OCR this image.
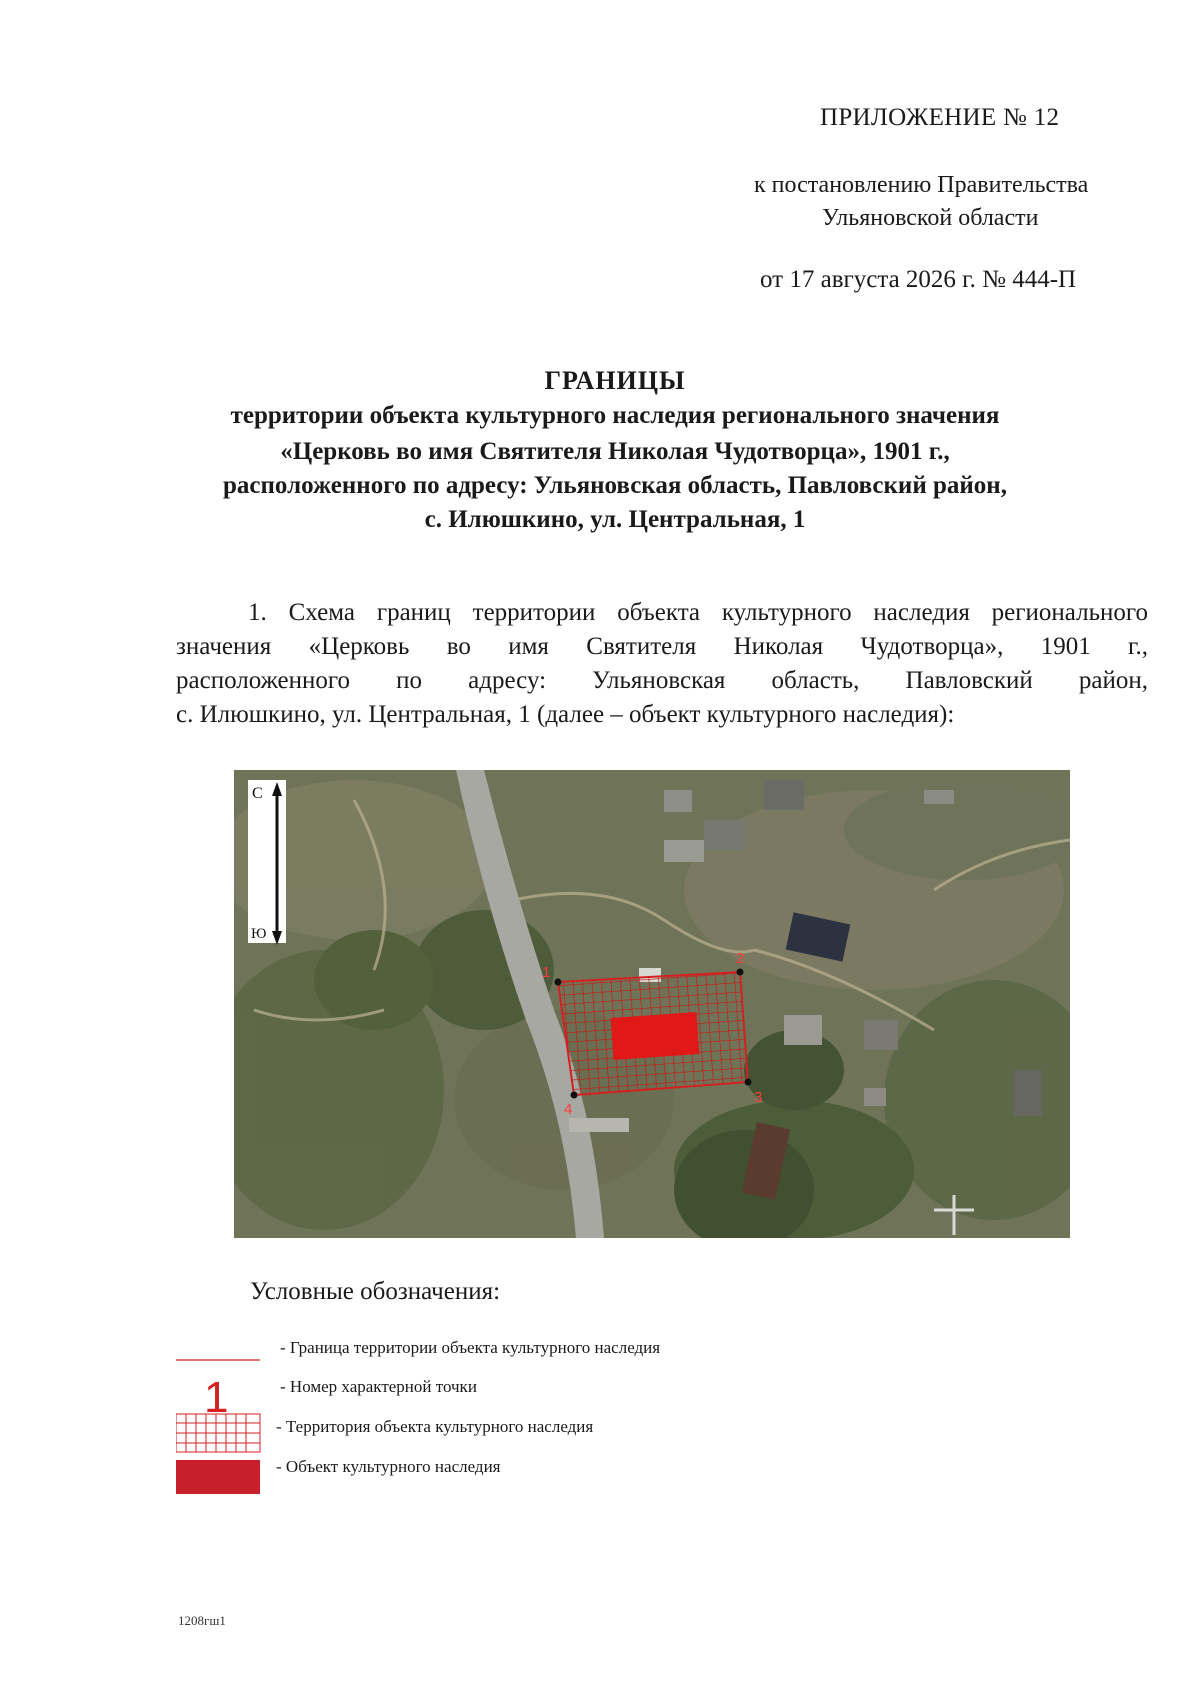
ПРИЛОЖЕНИЕ № 12
к постановлению Правительства
Ульяновской области
от 17 августа 2026 г. № 444-П
ГРАНИЦЫ
территории объекта культурного наследия регионального значения
«Церковь во имя Святителя Николая Чудотворца», 1901 г.,
расположенного по адресу: Ульяновская область, Павловский район,
с. Илюшкино, ул. Центральная, 1
1. Схема границ территории объекта культурного наследия регионального
значения «Церковь во имя Святителя Николая Чудотворца», 1901 г.,
расположенного по адресу: Ульяновская область, Павловский район,
с. Илюшкино, ул. Центральная, 1 (далее – объект культурного наследия):
1
2
3
4
С
Ю
Условные обозначения:
1
- Граница территории объекта культурного наследия
- Номер характерной точки
- Территория объекта культурного наследия
- Объект культурного наследия
1208гш1
